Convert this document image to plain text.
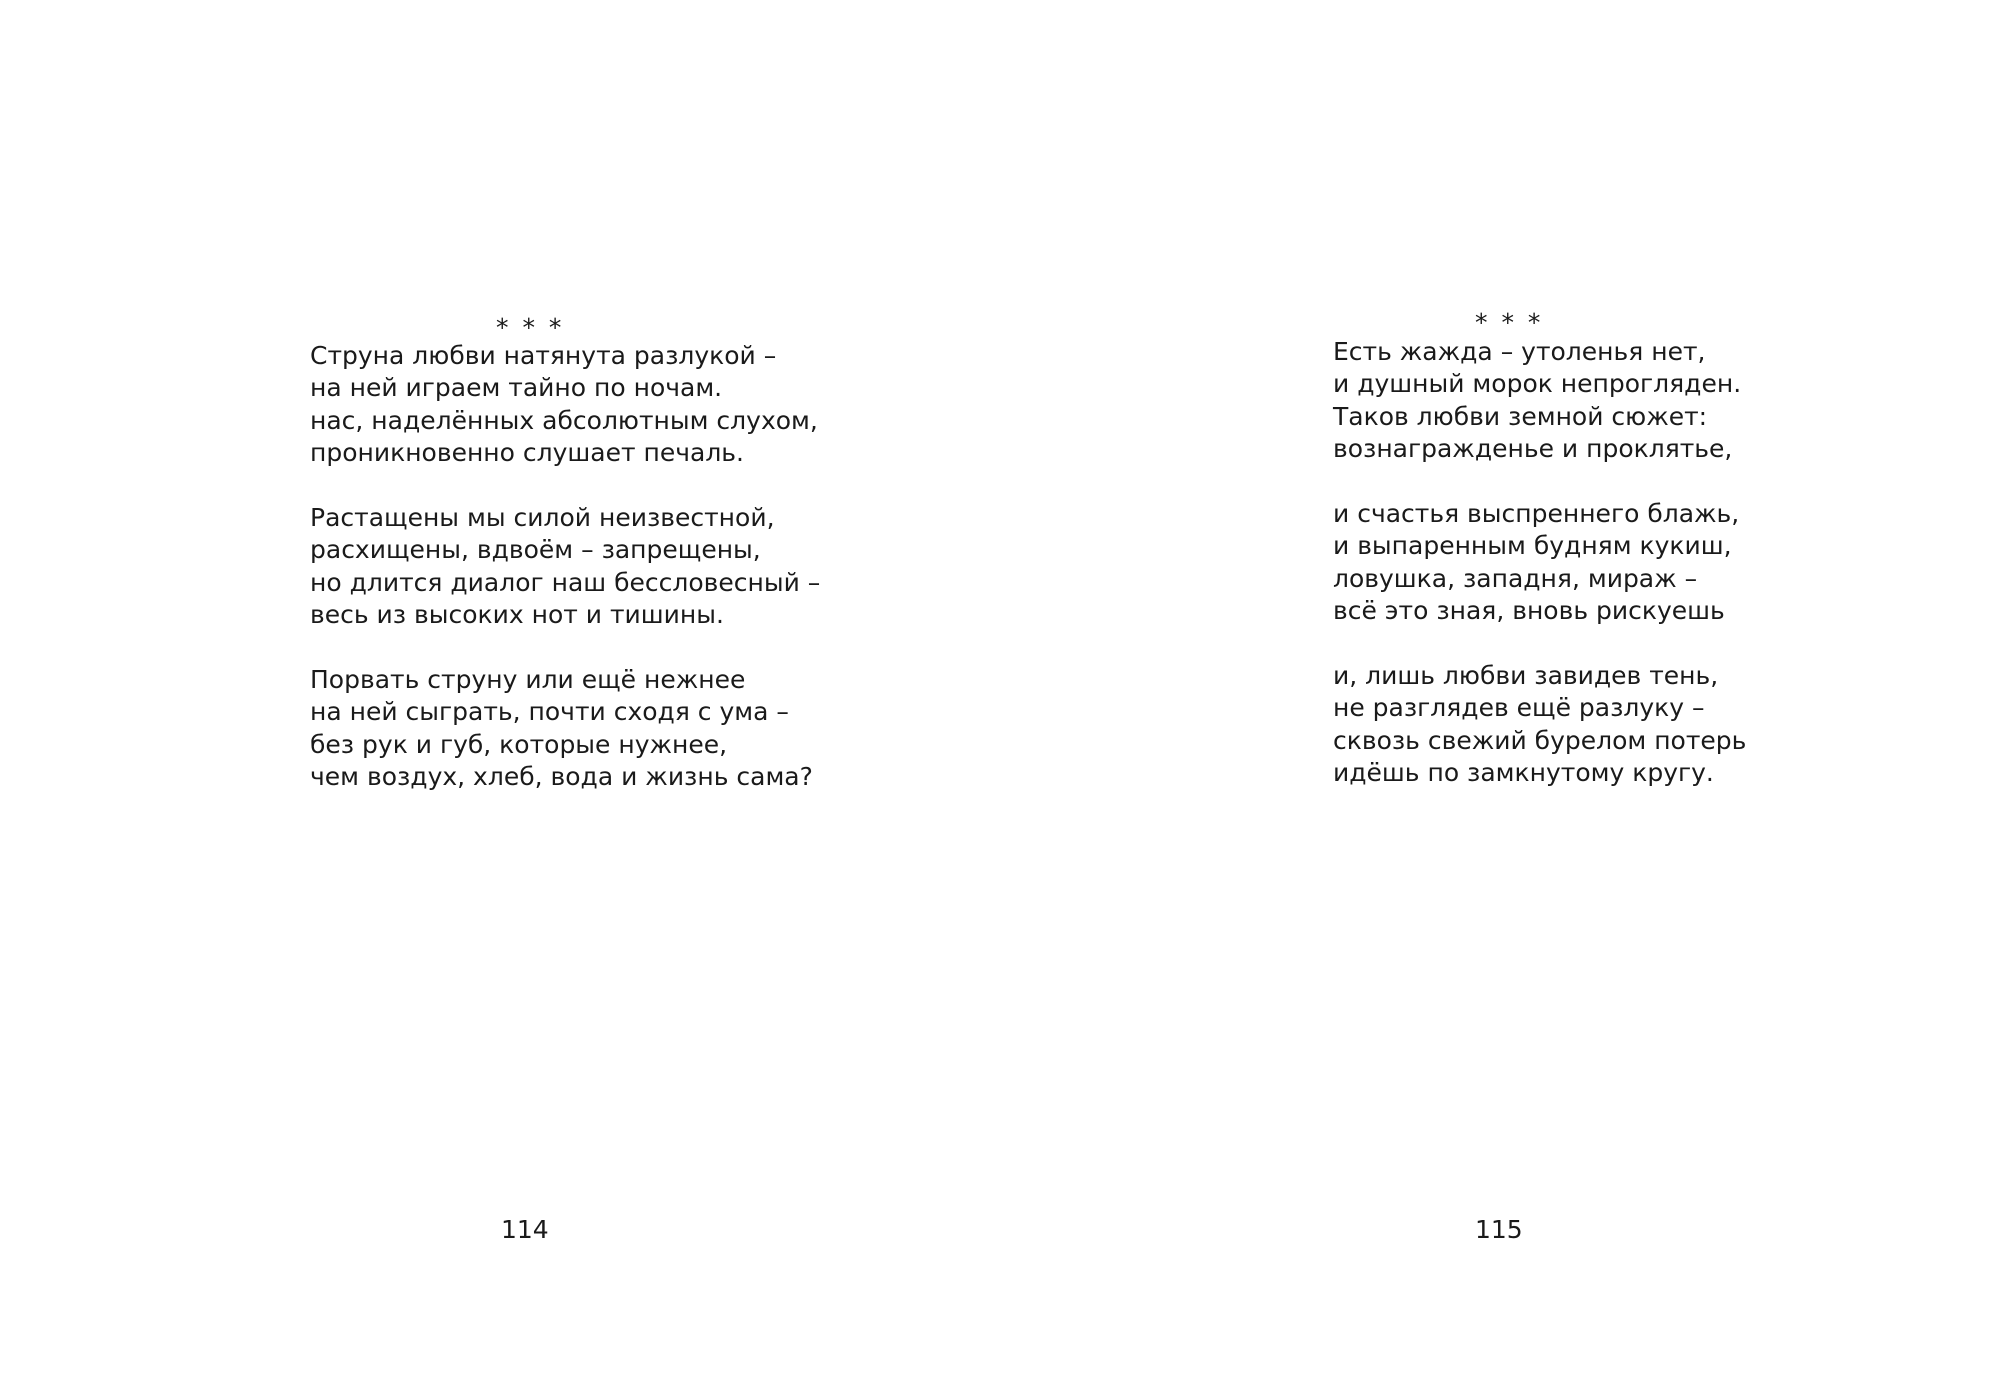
* * *
Струна любви натянута разлукой –
на ней играем тайно по ночам.
нас, наделённых абсолютным слухом,
проникновенно слушает печаль.
Растащены мы силой неизвестной,
расхищены, вдвоём – запрещены,
но длится диалог наш бессловесный –
весь из высоких нот и тишины.
Порвать струну или ещё нежнее
на ней сыграть, почти сходя с ума –
без рук и губ, которые нужнее,
чем воздух, хлеб, вода и жизнь сама?
114
* * *
Есть жажда – утоленья нет,
и душный морок непрогляден.
Таков любви земной сюжет:
вознагражденье и проклятье,
и счастья выспреннего блажь,
и выпаренным будням кукиш,
ловушка, западня, мираж –
всё это зная, вновь рискуешь
и, лишь любви завидев тень,
не разглядев ещё разлуку –
сквозь свежий бурелом потерь
идёшь по замкнутому кругу.
115
